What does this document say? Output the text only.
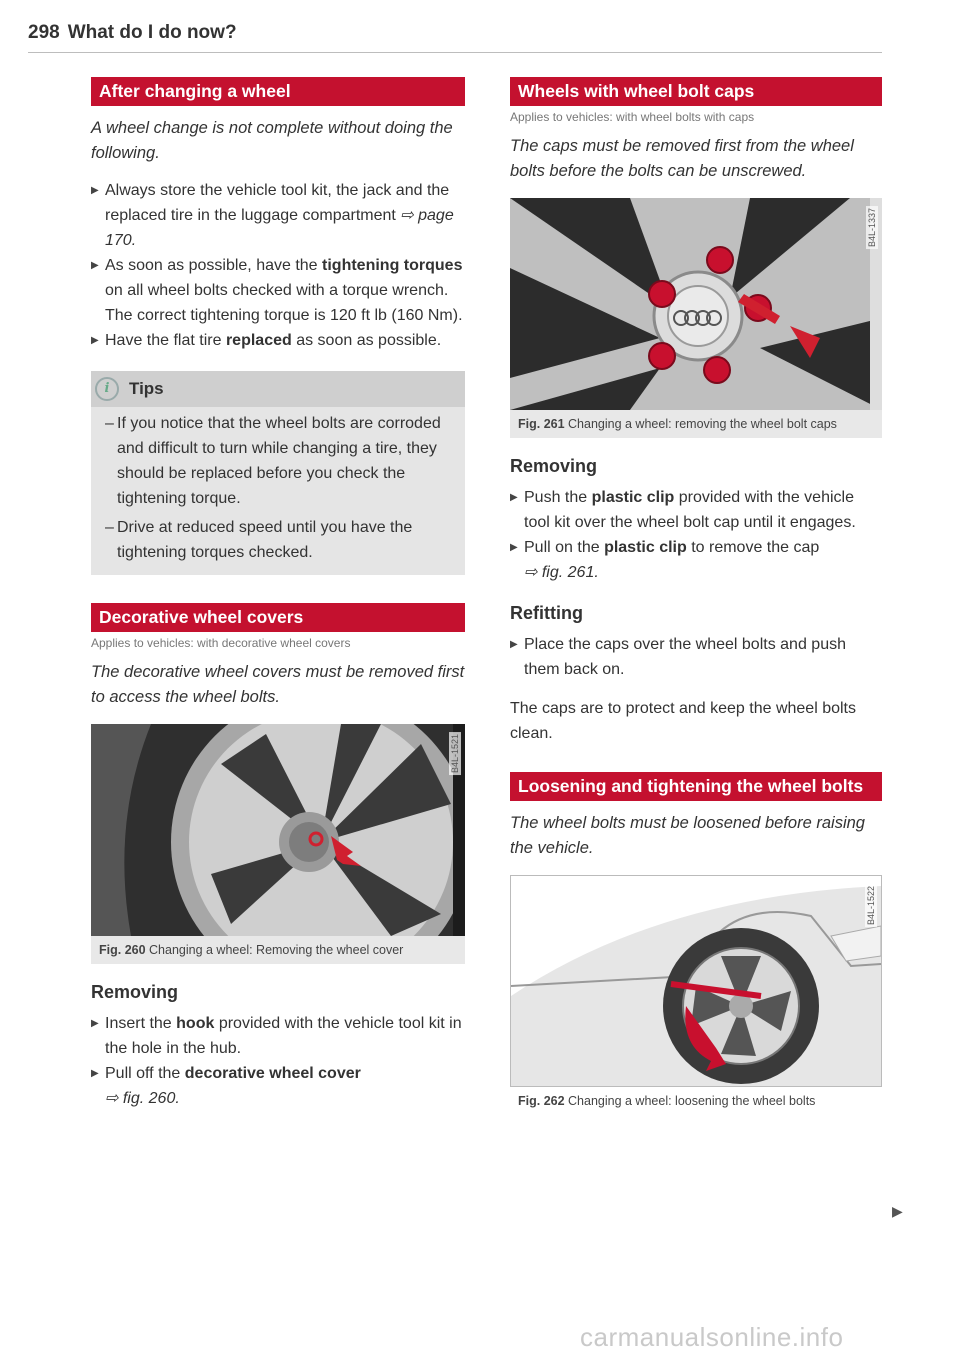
298 What do I do now?
After changing a wheel
A wheel change is not complete without doing the following.
▶ Always store the vehicle tool kit, the jack and the replaced tire in the luggage compartment ⇨ page 170.
▶ As soon as possible, have the tightening torques on all wheel bolts checked with a torque wrench. The correct tightening torque is 120 ft lb (160 Nm).
▶ Have the flat tire replaced as soon as possible.
i	Tips
– If you notice that the wheel bolts are corroded and difficult to turn while changing a tire, they should be replaced before you check the tightening torque.
– Drive at reduced speed until you have the tightening torques checked.
Decorative wheel covers
Applies to vehicles: with decorative wheel covers
The decorative wheel covers must be removed first to access the wheel bolts.
B4L-1521
Fig. 260 Changing a wheel: Removing the wheel cover
Removing
▶ Insert the hook provided with the vehicle tool kit in the hole in the hub.
▶ Pull off the decorative wheel cover
⇨ fig. 260.
Wheels with wheel bolt caps
Applies to vehicles: with wheel bolts with caps
The caps must be removed first from the wheel bolts before the bolts can be unscrewed.
B4L-1337
Fig. 261 Changing a wheel: removing the wheel bolt caps
Removing
▶ Push the plastic clip provided with the vehicle tool kit over the wheel bolt cap until it engages.
▶ Pull on the plastic clip to remove the cap
⇨ fig. 261.
Refitting
▶ Place the caps over the wheel bolts and push them back on.
The caps are to protect and keep the wheel bolts clean.
Loosening and tightening the wheel bolts
The wheel bolts must be loosened before raising the vehicle.
B4L-1522
Fig. 262 Changing a wheel: loosening the wheel bolts
▶
carmanualsonline.info
